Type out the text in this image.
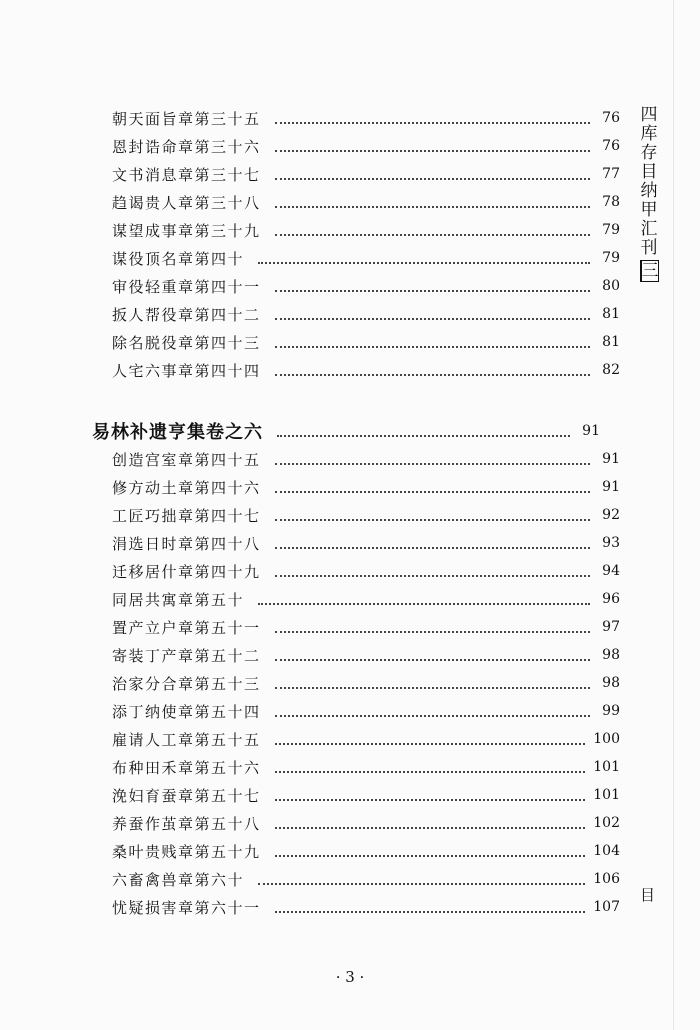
朝天面旨章第三十五	76
恩封诰命章第三十六	76
文书消息章第三十七	77
趋谒贵人章第三十八	78
谋望成事章第三十九	79
谋役顶名章第四十	79
审役轻重章第四十一	80
扳人帮役章第四十二	81
除名脱役章第四十三	81
人宅六事章第四十四	82
易林补遗亨集卷之六	91
创造宫室章第四十五	91
修方动土章第四十六	91
工匠巧拙章第四十七	92
涓选日时章第四十八	93
迁移居什章第四十九	94
同居共寓章第五十	96
置产立户章第五十一	97
寄装丁产章第五十二	98
治家分合章第五十三	98
添丁纳使章第五十四	99
雇请人工章第五十五	100
布种田禾章第五十六	101
浼妇育蚕章第五十七	101
养蚕作茧章第五十八	102
桑叶贵贱章第五十九	104
六畜禽兽章第六十	106
忧疑损害章第六十一	107
四库存目纳甲汇刊 三
目
· 3 ·
